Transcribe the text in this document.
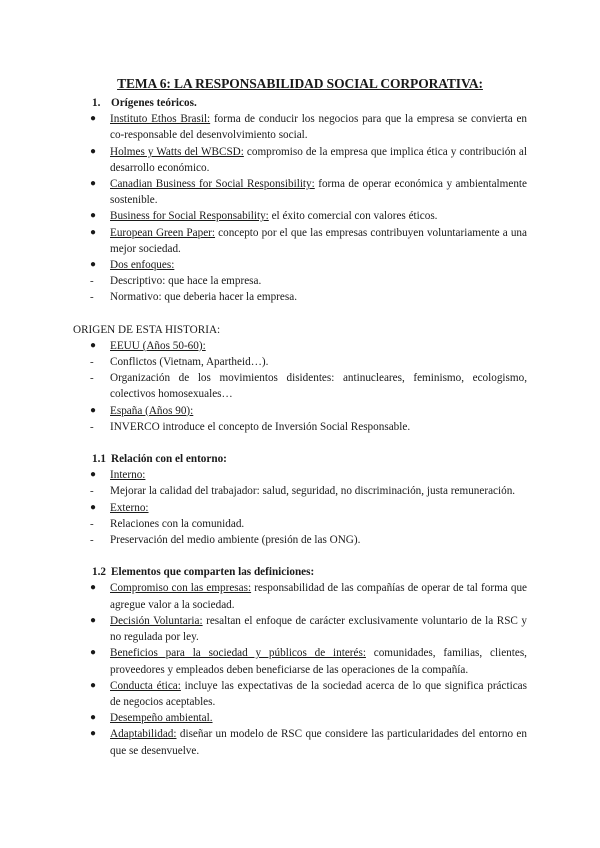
TEMA 6: LA RESPONSABILIDAD SOCIAL CORPORATIVA:
1. Orígenes teóricos.
●	Instituto Ethos Brasil: forma de conducir los negocios para que la empresa se convierta en co-responsable del desenvolvimiento social.
●	Holmes y Watts del WBCSD: compromiso de la empresa que implica ética y contribución al desarrollo económico.
●	Canadian Business for Social Responsibility: forma de operar económica y ambientalmente sostenible.
●	Business for Social Responsability: el éxito comercial con valores éticos.
●	European Green Paper: concepto por el que las empresas contribuyen voluntariamente a una mejor sociedad.
●	Dos enfoques:
-	Descriptivo: que hace la empresa.
-	Normativo: que deberia hacer la empresa.
ORIGEN DE ESTA HISTORIA:
●	EEUU (Años 50-60):
-	Conflictos (Vietnam, Apartheid…).
-	Organización de los movimientos disidentes: antinucleares, feminismo, ecologismo, colectivos homosexuales…
●	España (Años 90):
-	INVERCO introduce el concepto de Inversión Social Responsable.
1.1 Relación con el entorno:
●	Interno:
-	Mejorar la calidad del trabajador: salud, seguridad, no discriminación, justa remuneración.
●	Externo:
-	Relaciones con la comunidad.
-	Preservación del medio ambiente (presión de las ONG).
1.2 Elementos que comparten las definiciones:
●	Compromiso con las empresas: responsabilidad de las compañías de operar de tal forma que agregue valor a la sociedad.
●	Decisión Voluntaria: resaltan el enfoque de carácter exclusivamente voluntario de la RSC y no regulada por ley.
●	Beneficios para la sociedad y públicos de interés: comunidades, familias, clientes, proveedores y empleados deben beneficiarse de las operaciones de la compañía.
●	Conducta ética: incluye las expectativas de la sociedad acerca de lo que significa prácticas de negocios aceptables.
●	Desempeño ambiental.
●	Adaptabilidad: diseñar un modelo de RSC que considere las particularidades del entorno en que se desenvuelve.
